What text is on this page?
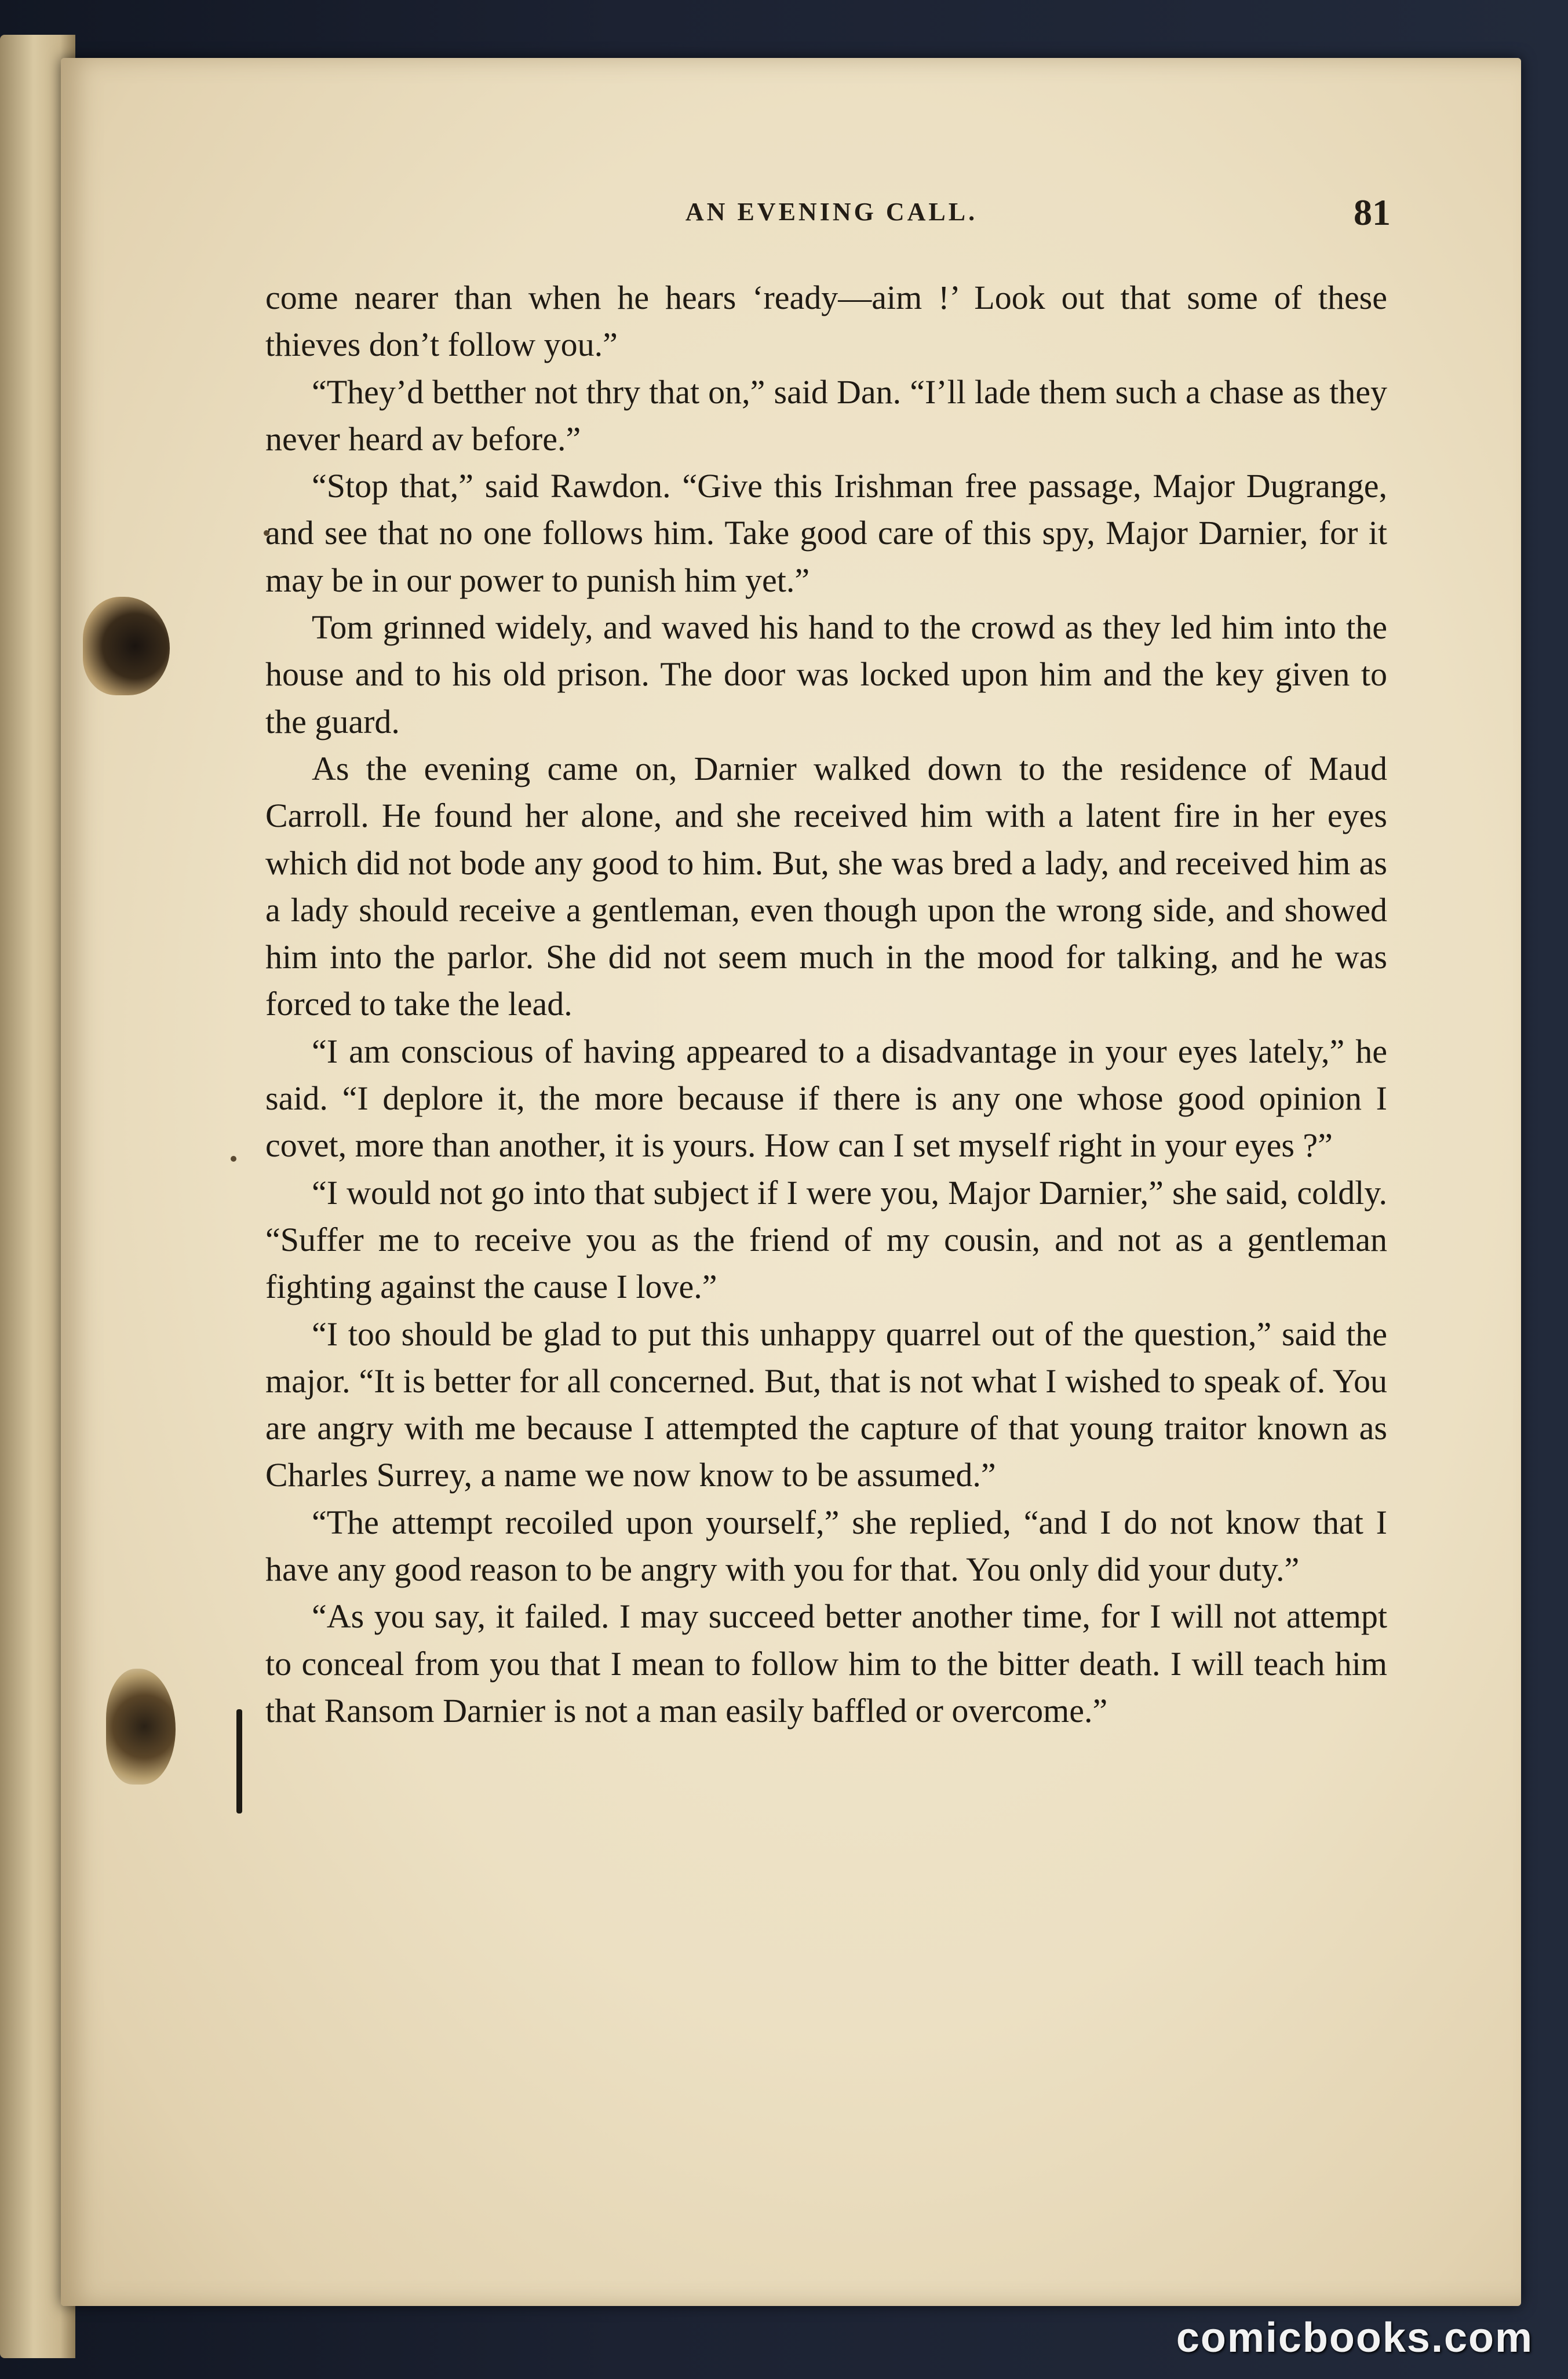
AN EVENING CALL.	81

come nearer than when he hears ‘ready—aim !’ Look out that some of these thieves don’t follow you.”

“They’d betther not thry that on,” said Dan. “I’ll lade them such a chase as they never heard av before.”

“Stop that,” said Rawdon. “Give this Irishman free passage, Major Dugrange, and see that no one follows him. Take good care of this spy, Major Darnier, for it may be in our power to punish him yet.”

Tom grinned widely, and waved his hand to the crowd as they led him into the house and to his old prison. The door was locked upon him and the key given to the guard.

As the evening came on, Darnier walked down to the residence of Maud Carroll. He found her alone, and she received him with a latent fire in her eyes which did not bode any good to him. But, she was bred a lady, and received him as a lady should receive a gentleman, even though upon the wrong side, and showed him into the parlor. She did not seem much in the mood for talking, and he was forced to take the lead.

“I am conscious of having appeared to a disadvantage in your eyes lately,” he said. “I deplore it, the more because if there is any one whose good opinion I covet, more than another, it is yours. How can I set myself right in your eyes ?”

“I would not go into that subject if I were you, Major Darnier,” she said, coldly. “Suffer me to receive you as the friend of my cousin, and not as a gentleman fighting against the cause I love.”

“I too should be glad to put this unhappy quarrel out of the question,” said the major. “It is better for all concerned. But, that is not what I wished to speak of. You are angry with me because I attempted the capture of that young traitor known as Charles Surrey, a name we now know to be assumed.”

“The attempt recoiled upon yourself,” she replied, “and I do not know that I have any good reason to be angry with you for that. You only did your duty.”

“As you say, it failed. I may succeed better another time, for I will not attempt to conceal from you that I mean to follow him to the bitter death. I will teach him that Ransom Darnier is not a man easily baffled or overcome.”

comicbooks.com
